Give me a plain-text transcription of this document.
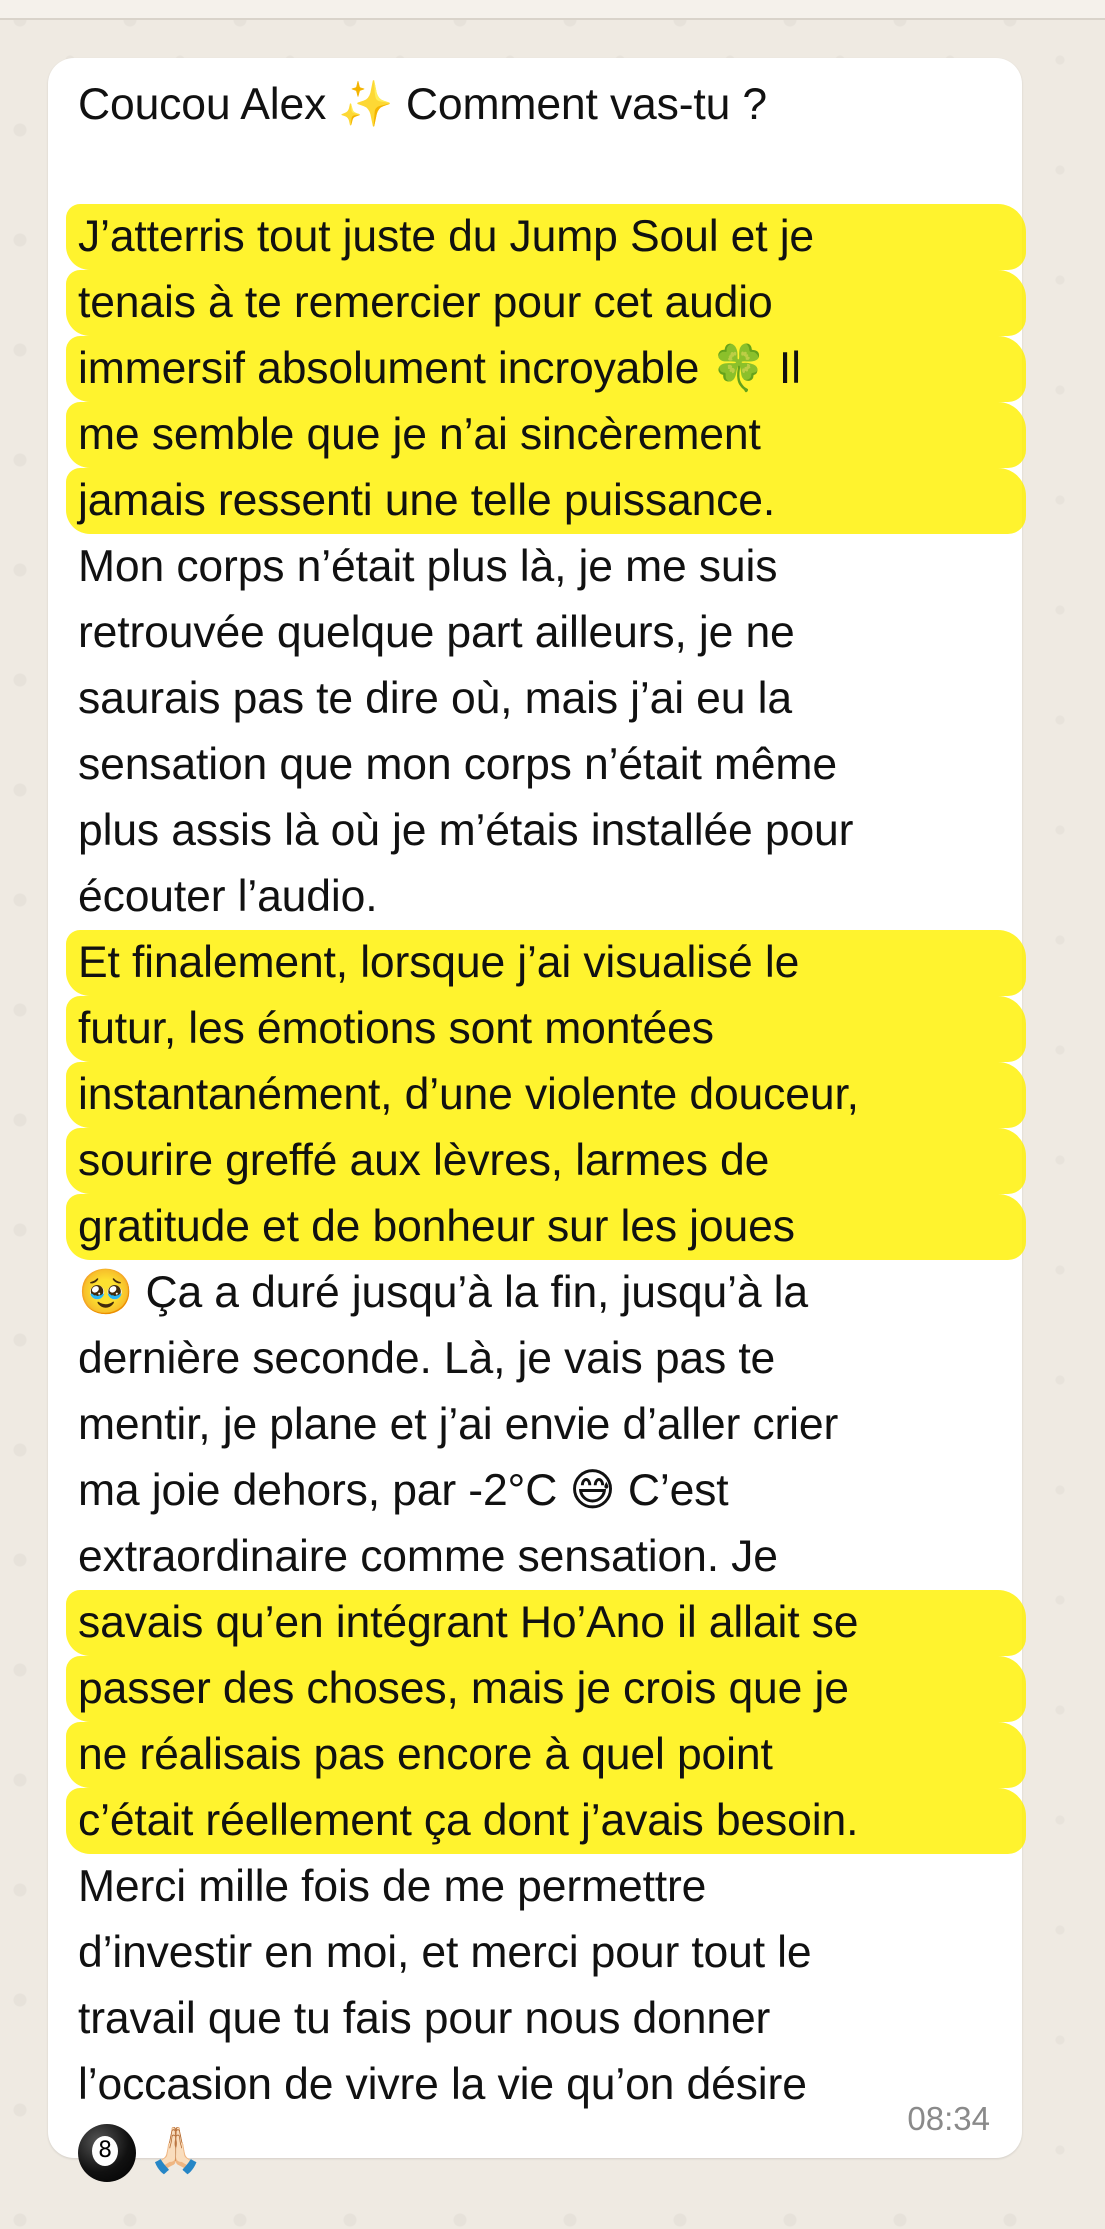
Coucou Alex ✨ Comment vas-tu ?
J’atterris tout juste du Jump Soul et je
tenais à te remercier pour cet audio
immersif absolument incroyable 🍀 Il
me semble que je n’ai sincèrement
jamais ressenti une telle puissance.
Mon corps n’était plus là, je me suis
retrouvée quelque part ailleurs, je ne
saurais pas te dire où, mais j’ai eu la
sensation que mon corps n’était même
plus assis là où je m’étais installée pour
écouter l’audio.
Et finalement, lorsque j’ai visualisé le
futur, les émotions sont montées
instantanément, d’une violente douceur,
sourire greffé aux lèvres, larmes de
gratitude et de bonheur sur les joues
🥹 Ça a duré jusqu’à la fin, jusqu’à la
dernière seconde. Là, je vais pas te
mentir, je plane et j’ai envie d’aller crier
ma joie dehors, par -2°C 😅 C’est
extraordinaire comme sensation. Je
savais qu’en intégrant Ho’Ano il allait se
passer des choses, mais je crois que je
ne réalisais pas encore à quel point
c’était réellement ça dont j’avais besoin.
Merci mille fois de me permettre
d’investir en moi, et merci pour tout le
travail que tu fais pour nous donner
l’occasion de vivre la vie qu’on désire
8 🙏🏻
08:34
